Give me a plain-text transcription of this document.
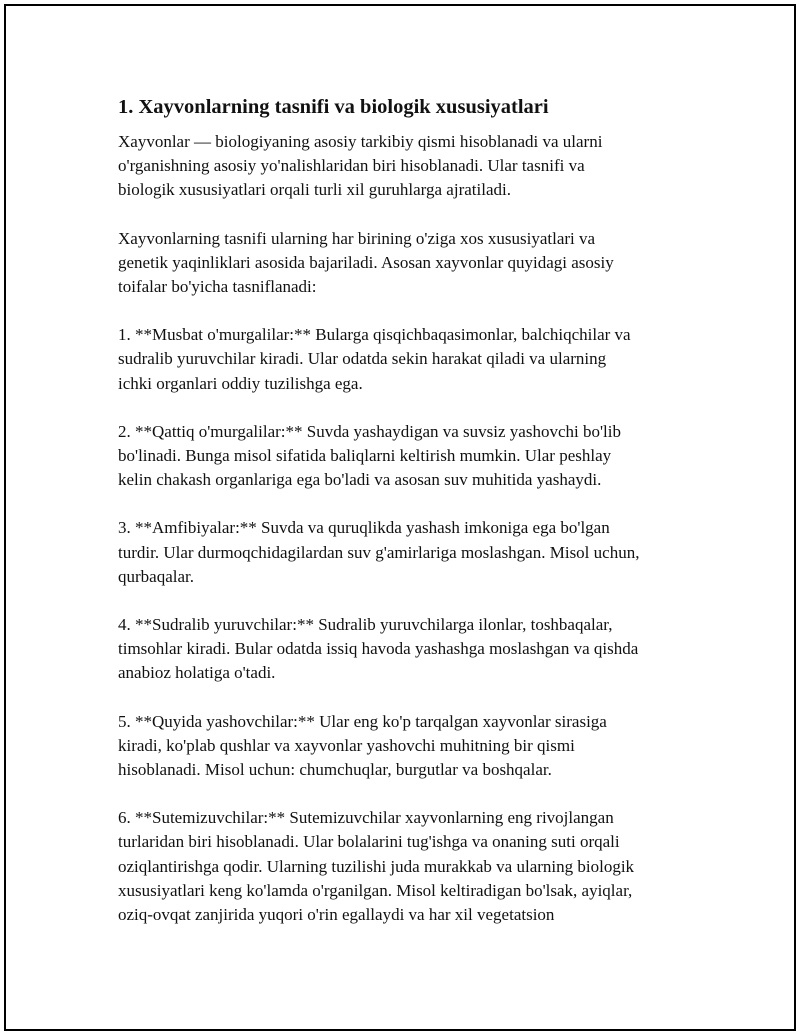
1. Xayvonlarning tasnifi va biologik xususiyatlari

Xayvonlar — biologiyaning asosiy tarkibiy qismi hisoblanadi va ularni
o'rganishning asosiy yo'nalishlaridan biri hisoblanadi. Ular tasnifi va
biologik xususiyatlari orqali turli xil guruhlarga ajratiladi.

Xayvonlarning tasnifi ularning har birining o'ziga xos xususiyatlari va
genetik yaqinliklari asosida bajariladi. Asosan xayvonlar quyidagi asosiy
toifalar bo'yicha tasniflanadi:

1. **Musbat o'murgalilar:** Bularga qisqichbaqasimonlar, balchiqchilar va
sudralib yuruvchilar kiradi. Ular odatda sekin harakat qiladi va ularning
ichki organlari oddiy tuzilishga ega.

2. **Qattiq o'murgalilar:** Suvda yashaydigan va suvsiz yashovchi bo'lib
bo'linadi. Bunga misol sifatida baliqlarni keltirish mumkin. Ular peshlay
kelin chakash organlariga ega bo'ladi va asosan suv muhitida yashaydi.

3. **Amfibiyalar:** Suvda va quruqlikda yashash imkoniga ega bo'lgan
turdir. Ular durmoqchidagilardan suv g'amirlariga moslashgan. Misol uchun,
qurbaqalar.

4. **Sudralib yuruvchilar:** Sudralib yuruvchilarga ilonlar, toshbaqalar,
timsohlar kiradi. Bular odatda issiq havoda yashashga moslashgan va qishda
anabioz holatiga o'tadi.

5. **Quyida yashovchilar:** Ular eng ko'p tarqalgan xayvonlar sirasiga
kiradi, ko'plab qushlar va xayvonlar yashovchi muhitning bir qismi
hisoblanadi. Misol uchun: chumchuqlar, burgutlar va boshqalar.

6. **Sutemizuvchilar:** Sutemizuvchilar xayvonlarning eng rivojlangan
turlaridan biri hisoblanadi. Ular bolalarini tug'ishga va onaning suti orqali
oziqlantirishga qodir. Ularning tuzilishi juda murakkab va ularning biologik
xususiyatlari keng ko'lamda o'rganilgan. Misol keltiradigan bo'lsak, ayiqlar,
oziq-ovqat zanjirida yuqori o'rin egallaydi va har xil vegetatsion
